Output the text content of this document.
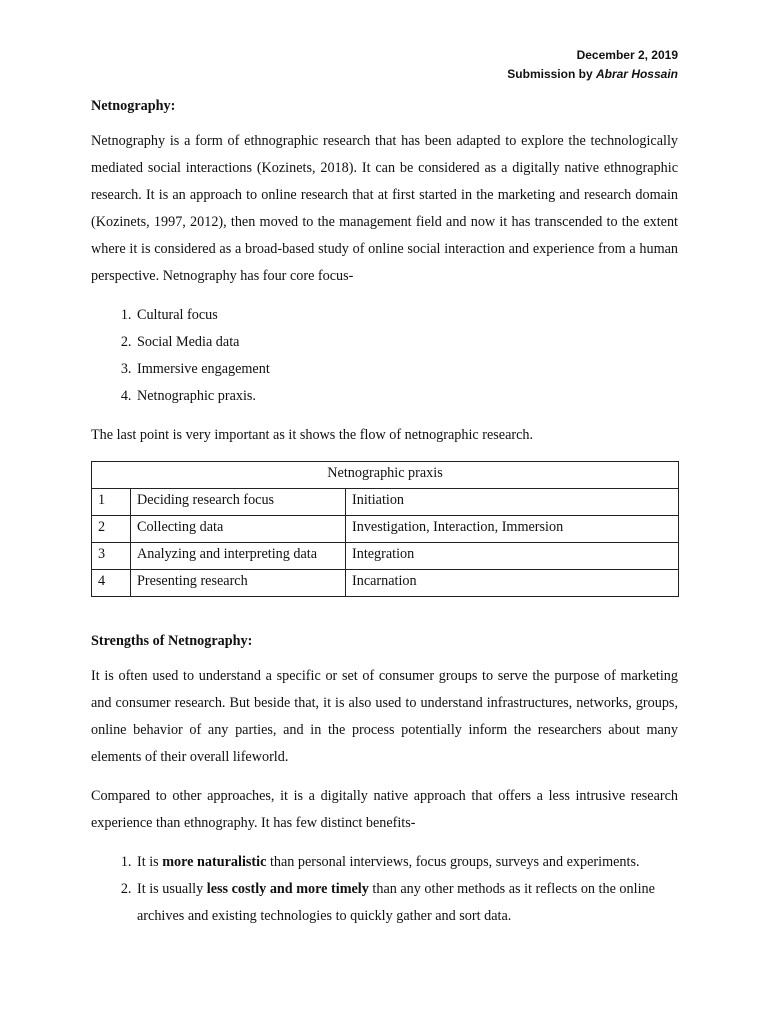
December 2, 2019
Submission by Abrar Hossain
Netnography:

Netnography is a form of ethnographic research that has been adapted to explore the technologically mediated social interactions (Kozinets, 2018). It can be considered as a digitally native ethnographic research. It is an approach to online research that at first started in the marketing and research domain (Kozinets, 1997, 2012), then moved to the management field and now it has transcended to the extent where it is considered as a broad-based study of online social interaction and experience from a human perspective. Netnography has four core focus-

1. Cultural focus
2. Social Media data
3. Immersive engagement
4. Netnographic praxis.

The last point is very important as it shows the flow of netnographic research.

Netnographic praxis		
1	Deciding research focus	Initiation
2	Collecting data	Investigation, Interaction, Immersion
3	Analyzing and interpreting data	Integration
4	Presenting research	Incarnation
Strengths of Netnography:

It is often used to understand a specific or set of consumer groups to serve the purpose of marketing and consumer research. But beside that, it is also used to understand infrastructures, networks, groups, online behavior of any parties, and in the process potentially inform the researchers about many elements of their overall lifeworld.

Compared to other approaches, it is a digitally native approach that offers a less intrusive research experience than ethnography. It has few distinct benefits-

1. It is more naturalistic than personal interviews, focus groups, surveys and experiments.
2. It is usually less costly and more timely than any other methods as it reflects on the online archives and existing technologies to quickly gather and sort data.
